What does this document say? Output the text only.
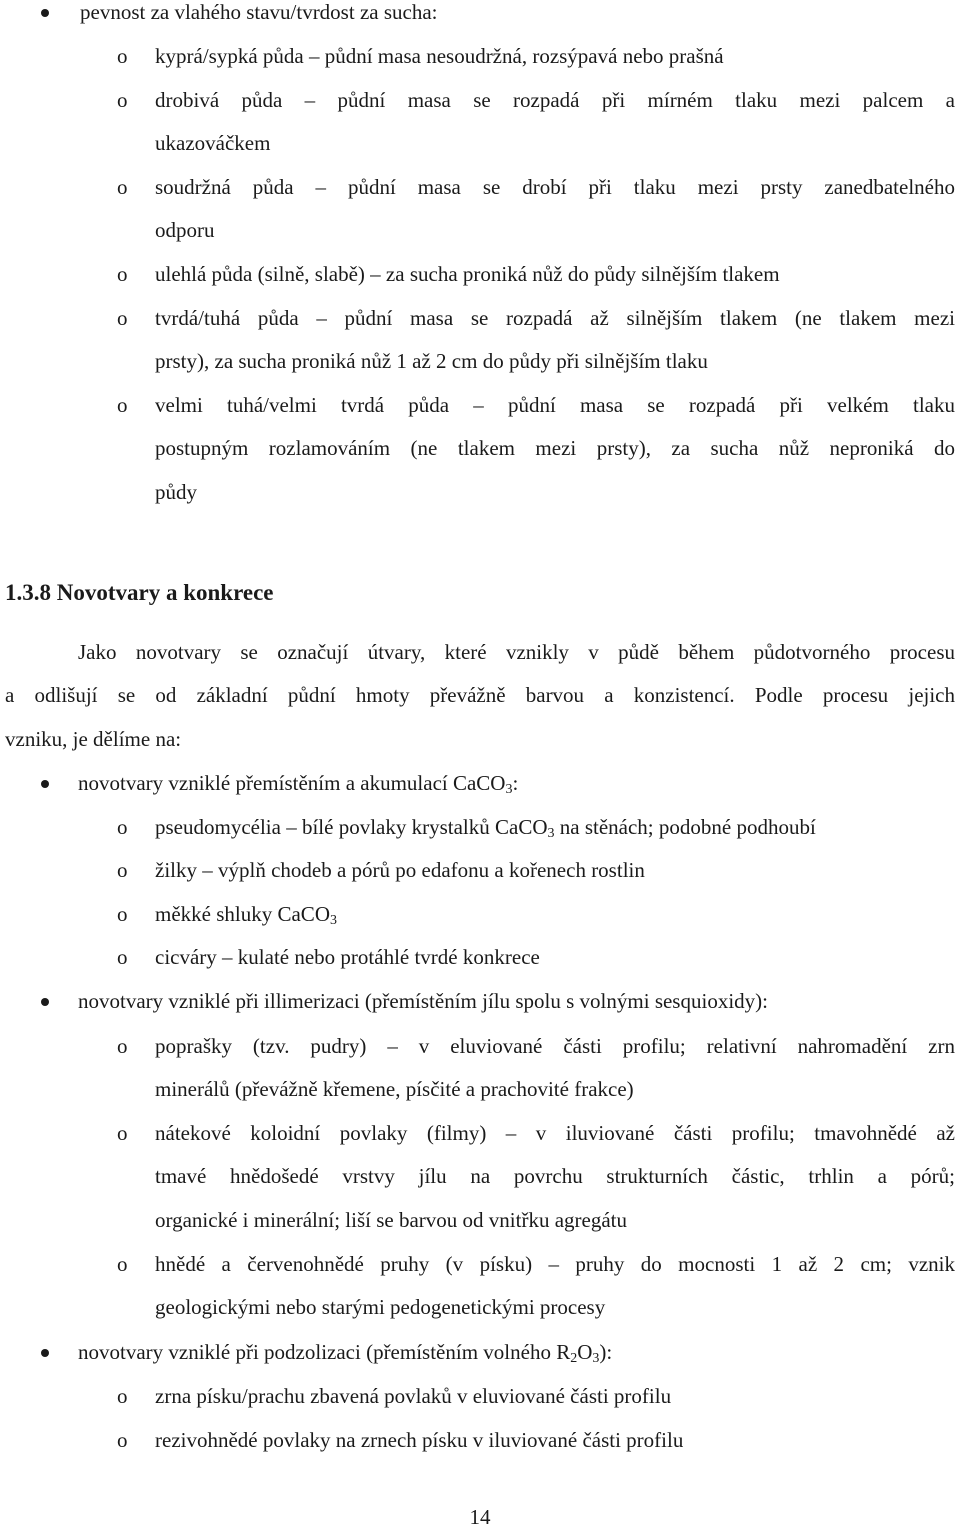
pevnost za vlahého stavu/tvrdost za sucha:
o kyprá/sypká půda – půdní masa nesoudržná, rozsýpavá nebo prašná
o drobivá půda – půdní masa se rozpadá při mírném tlaku mezi palcem a
ukazováčkem
o soudržná půda – půdní masa se drobí při tlaku mezi prsty zanedbatelného
odporu
o ulehlá půda (silně, slabě) – za sucha proniká nůž do půdy silnějším tlakem
o tvrdá/tuhá půda – půdní masa se rozpadá až silnějším tlakem (ne tlakem mezi
prsty), za sucha proniká nůž 1 až 2 cm do půdy při silnějším tlaku
o velmi tuhá/velmi tvrdá půda – půdní masa se rozpadá při velkém tlaku
postupným rozlamováním (ne tlakem mezi prsty), za sucha nůž neproniká do
půdy
1.3.8 Novotvary a konkrece
Jako novotvary se označují útvary, které vznikly v půdě během půdotvorného procesu
a odlišují se od základní půdní hmoty převážně barvou a konzistencí. Podle procesu jejich
vzniku, je dělíme na:
novotvary vzniklé přemístěním a akumulací CaCO$_3$:
o pseudomycélia – bílé povlaky krystalků CaCO$_3$ na stěnách; podobné podhoubí
o žilky – výplň chodeb a pórů po edafonu a kořenech rostlin
o měkké shluky CaCO$_3$
o cicváry – kulaté nebo protáhlé tvrdé konkrece
novotvary vzniklé při illimerizaci (přemístěním jílu spolu s volnými sesquioxidy):
o poprašky (tzv. pudry) – v eluviované části profilu; relativní nahromadění zrn
minerálů (převážně křemene, písčité a prachovité frakce)
o nátekové koloidní povlaky (filmy) – v iluviované části profilu; tmavohnědé až
tmavé hnědošedé vrstvy jílu na povrchu strukturních částic, trhlin a pórů;
organické i minerální; liší se barvou od vnitřku agregátu
o hnědé a červenohnědé pruhy (v písku) – pruhy do mocnosti 1 až 2 cm; vznik
geologickými nebo starými pedogenetickými procesy
novotvary vzniklé při podzolizaci (přemístěním volného $R_2O_3$):
o zrna písku/prachu zbavená povlaků v eluviované části profilu
o rezivohnědé povlaky na zrnech písku v iluviované části profilu
14
